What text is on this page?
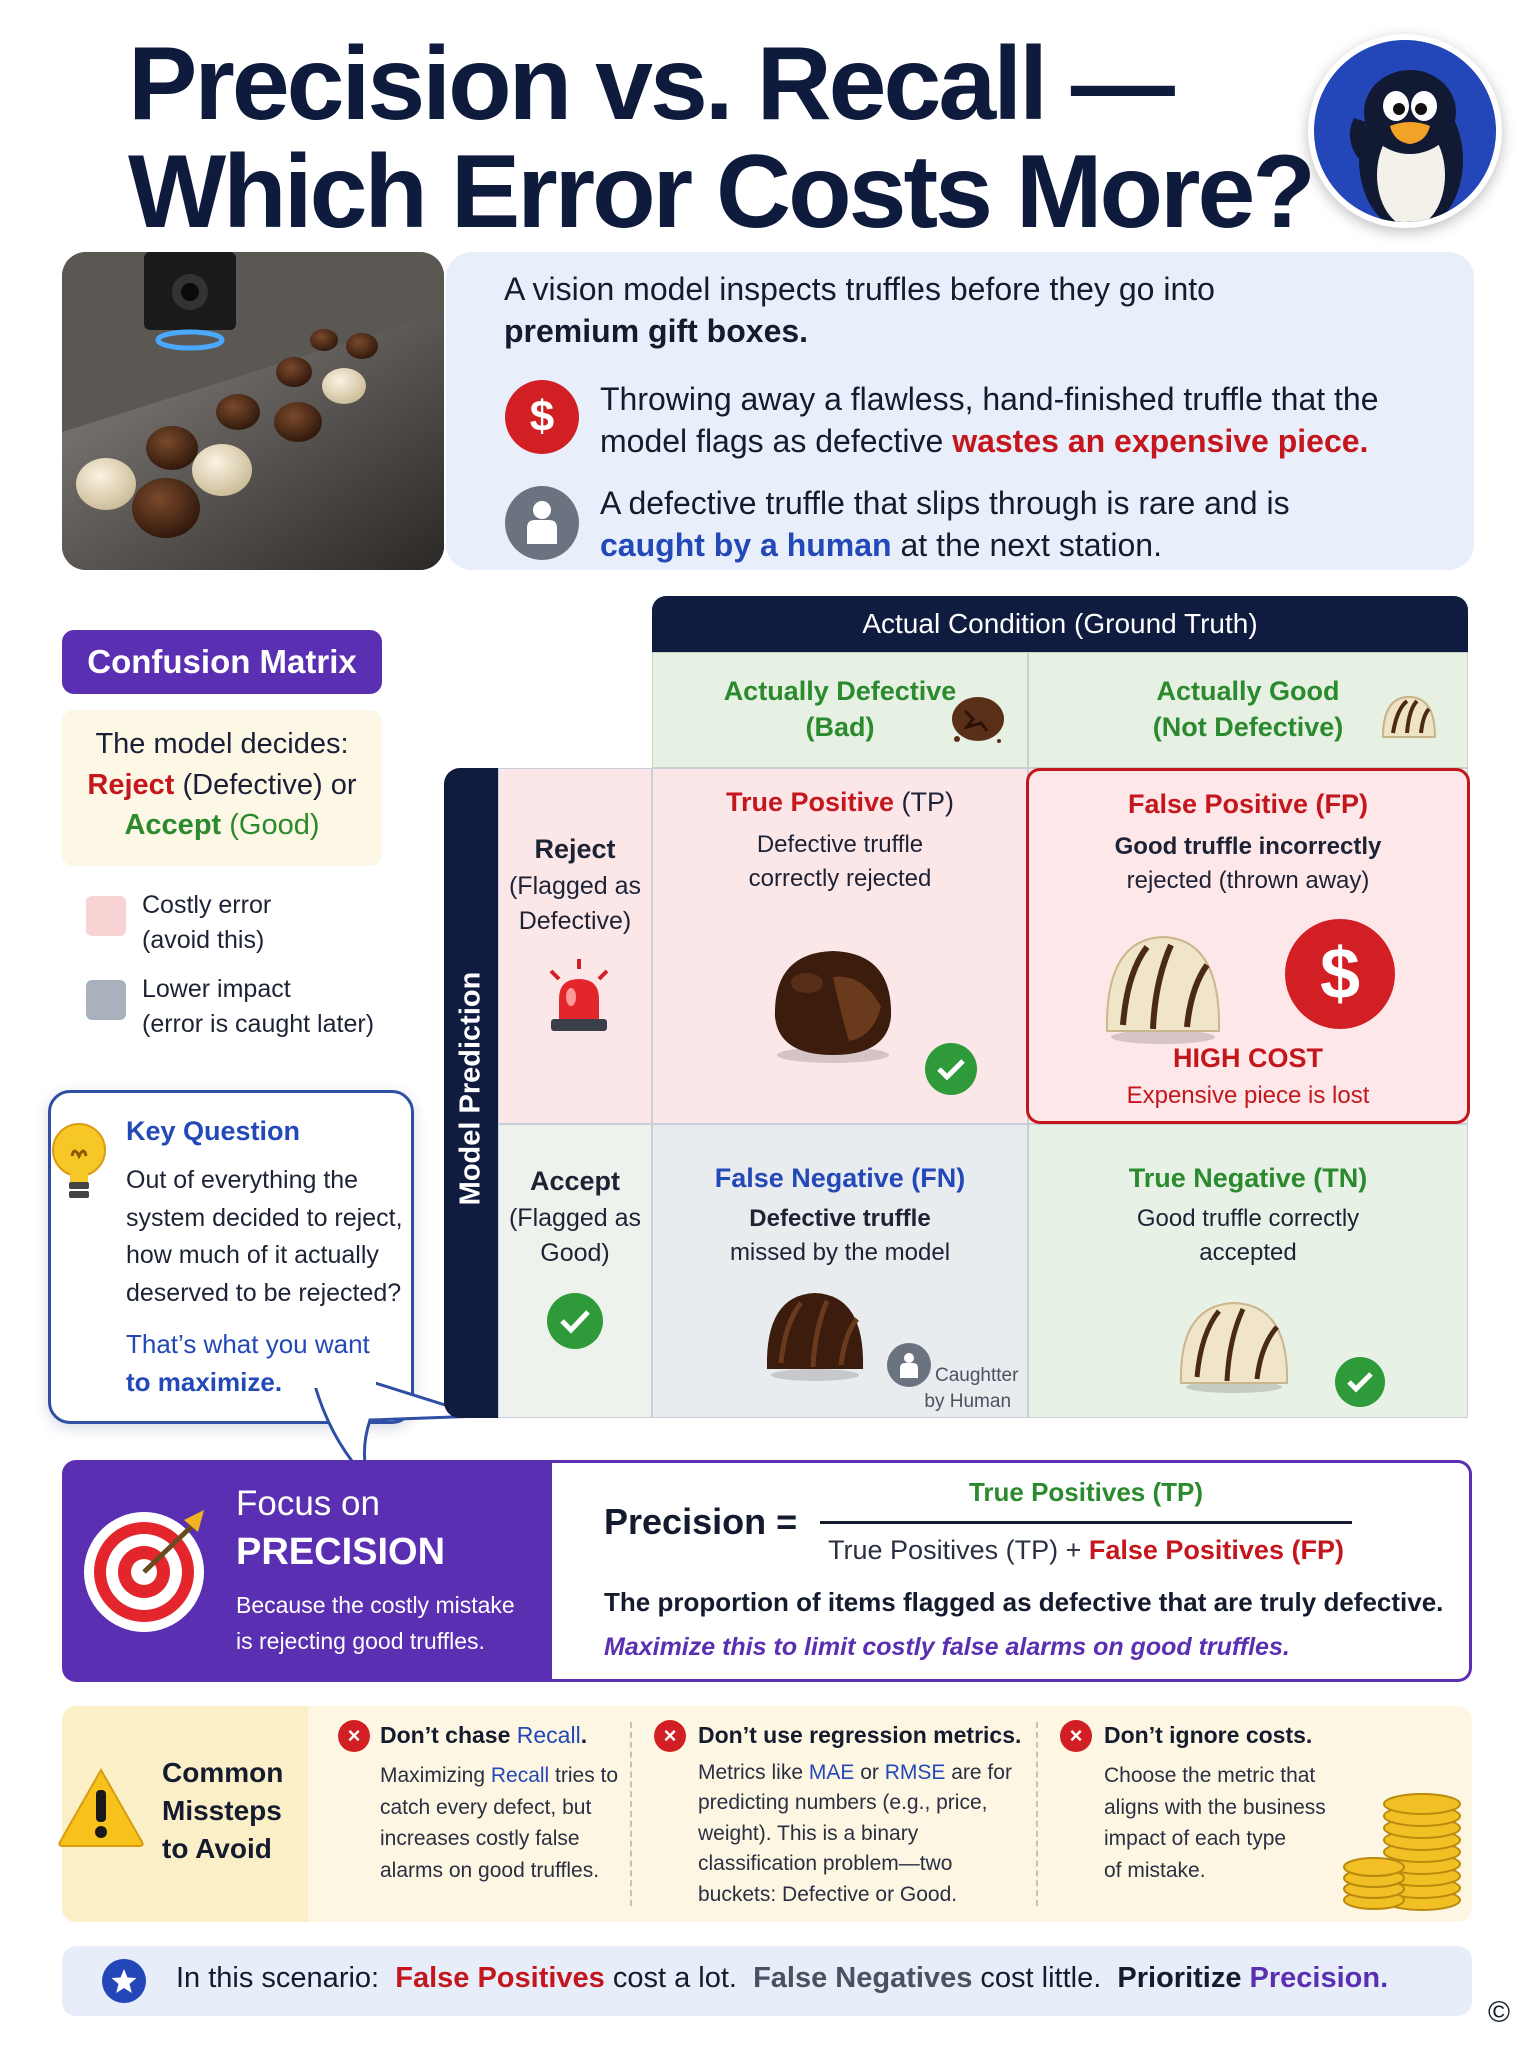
Precision vs. Recall —
Which Error Costs More?
A vision model inspects truffles before they go into
premium gift boxes.
$ Throwing away a flawless, hand-finished truffle that the
model flags as defective wastes an expensive piece.
A defective truffle that slips through is rare and is
caught by a human at the next station.
Confusion Matrix
The model decides:
Reject (Defective) or
Accept (Good)
Costly error
(avoid this)
Lower impact
(error is caught later)
Key Question
Out of everything the
system decided to reject,
how much of it actually
deserved to be rejected?
That’s what you want
to maximize.
Actual Condition (Ground Truth)
Actually Defective
(Bad)
Actually Good
(Not Defective)
Model Prediction
Reject
(Flagged as
Defective)
True Positive (TP)
Defective truffle
correctly rejected
False Positive (FP)
Good truffle incorrectly
rejected (thrown away)
$
HIGH COST
Expensive piece is lost
Accept
(Flagged as
Good)
False Negative (FN)
Defective truffle
missed by the model
Caughtter
by Human
True Negative (TN)
Good truffle correctly
accepted
Focus on
PRECISION
Because the costly mistake
is rejecting good truffles.
Precision =
True Positives (TP)
True Positives (TP) + False Positives (FP)
The proportion of items flagged as defective that are truly defective.
Maximize this to limit costly false alarms on good truffles.
Common
Missteps
to Avoid
× Don’t chase Recall.
Maximizing Recall tries to
catch every defect, but
increases costly false
alarms on good truffles.
× Don’t use regression metrics.
Metrics like MAE or RMSE are for
predicting numbers (e.g., price,
weight). This is a binary
classification problem—two
buckets: Defective or Good.
× Don’t ignore costs.
Choose the metric that
aligns with the business
impact of each type
of mistake.
In this scenario: False Positives cost a lot. False Negatives cost little. Prioritize Precision.
©
